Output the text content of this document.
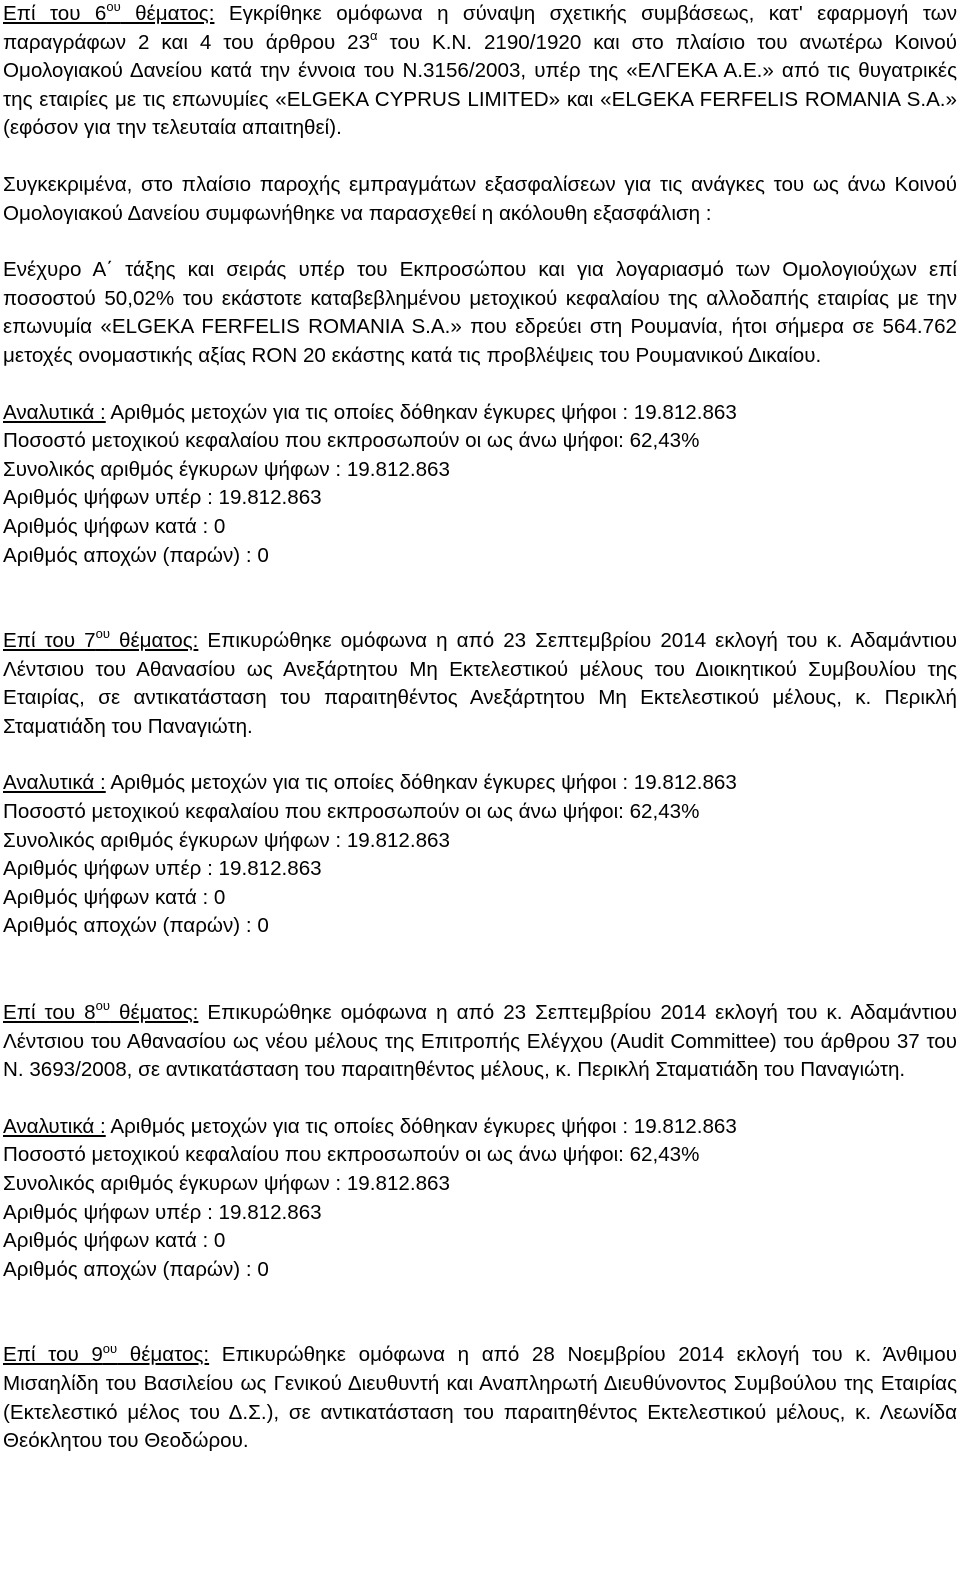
Επί του $6^{o\upsilon}$ θέματος: Εγκρίθηκε ομόφωνα η σύναψη σχετικής συμβάσεως, κατ' εφαρμογή των παραγράφων 2 και 4 του άρθρου $23^\alpha$ του Κ.Ν. 2190/1920 και στο πλαίσιο του ανωτέρω Κοινού Ομολογιακού Δανείου κατά την έννοια του Ν.3156/2003, υπέρ της «ΕΛΓΕΚΑ Α.Ε.» από τις θυγατρικές της εταιρίες με τις επωνυμίες «ELGEKA CYPRUS LIMITED» και «ELGEKA FERFELIS ROMANIA S.A.» (εφόσον για την τελευταία απαιτηθεί).

Συγκεκριμένα, στο πλαίσιο παροχής εμπραγμάτων εξασφαλίσεων για τις ανάγκες του ως άνω Κοινού Ομολογιακού Δανείου συμφωνήθηκε να παρασχεθεί η ακόλουθη εξασφάλιση :

Ενέχυρο Α΄ τάξης και σειράς υπέρ του Εκπροσώπου και για λογαριασμό των Ομολογιούχων επί ποσοστού 50,02% του εκάστοτε καταβεβλημένου μετοχικού κεφαλαίου της αλλοδαπής εταιρίας με την επωνυμία «ELGEKA FERFELIS ROMANIA S.A.» που εδρεύει στη Ρουμανία, ήτοι σήμερα σε 564.762 μετοχές ονομαστικής αξίας RON 20 εκάστης κατά τις προβλέψεις του Ρουμανικού Δικαίου.

Αναλυτικά : Αριθμός μετοχών για τις οποίες δόθηκαν έγκυρες ψήφοι : 19.812.863
Ποσοστό μετοχικού κεφαλαίου που εκπροσωπούν οι ως άνω ψήφοι: 62,43%
Συνολικός αριθμός έγκυρων ψήφων : 19.812.863
Αριθμός ψήφων υπέρ : 19.812.863
Αριθμός ψήφων κατά : 0
Αριθμός αποχών (παρών) : 0

Επί του $7^{o\upsilon}$ θέματος: Επικυρώθηκε ομόφωνα η από 23 Σεπτεμβρίου 2014 εκλογή του κ. Αδαμάντιου Λέντσιου του Αθανασίου ως Ανεξάρτητου Μη Εκτελεστικού μέλους του Διοικητικού Συμβουλίου της Εταιρίας, σε αντικατάσταση του παραιτηθέντος Ανεξάρτητου Μη Εκτελεστικού μέλους, κ. Περικλή Σταματιάδη του Παναγιώτη.

Αναλυτικά : Αριθμός μετοχών για τις οποίες δόθηκαν έγκυρες ψήφοι : 19.812.863
Ποσοστό μετοχικού κεφαλαίου που εκπροσωπούν οι ως άνω ψήφοι: 62,43%
Συνολικός αριθμός έγκυρων ψήφων : 19.812.863
Αριθμός ψήφων υπέρ : 19.812.863
Αριθμός ψήφων κατά : 0
Αριθμός αποχών (παρών) : 0

Επί του $8^{o\upsilon}$ θέματος: Επικυρώθηκε ομόφωνα η από 23 Σεπτεμβρίου 2014 εκλογή του κ. Αδαμάντιου Λέντσιου του Αθανασίου ως νέου μέλους της Επιτροπής Ελέγχου (Audit Committee) του άρθρου 37 του Ν. 3693/2008, σε αντικατάσταση του παραιτηθέντος μέλους, κ. Περικλή Σταματιάδη του Παναγιώτη.

Αναλυτικά : Αριθμός μετοχών για τις οποίες δόθηκαν έγκυρες ψήφοι : 19.812.863
Ποσοστό μετοχικού κεφαλαίου που εκπροσωπούν οι ως άνω ψήφοι: 62,43%
Συνολικός αριθμός έγκυρων ψήφων : 19.812.863
Αριθμός ψήφων υπέρ : 19.812.863
Αριθμός ψήφων κατά : 0
Αριθμός αποχών (παρών) : 0

Επί του $9^{o\upsilon}$ θέματος: Επικυρώθηκε ομόφωνα η από 28 Νοεμβρίου 2014 εκλογή του κ. Άνθιμου Μισαηλίδη του Βασιλείου ως Γενικού Διευθυντή και Αναπληρωτή Διευθύνοντος Συμβούλου της Εταιρίας (Εκτελεστικό μέλος του Δ.Σ.), σε αντικατάσταση του παραιτηθέντος Εκτελεστικού μέλους, κ. Λεωνίδα Θεόκλητου του Θεοδώρου.
